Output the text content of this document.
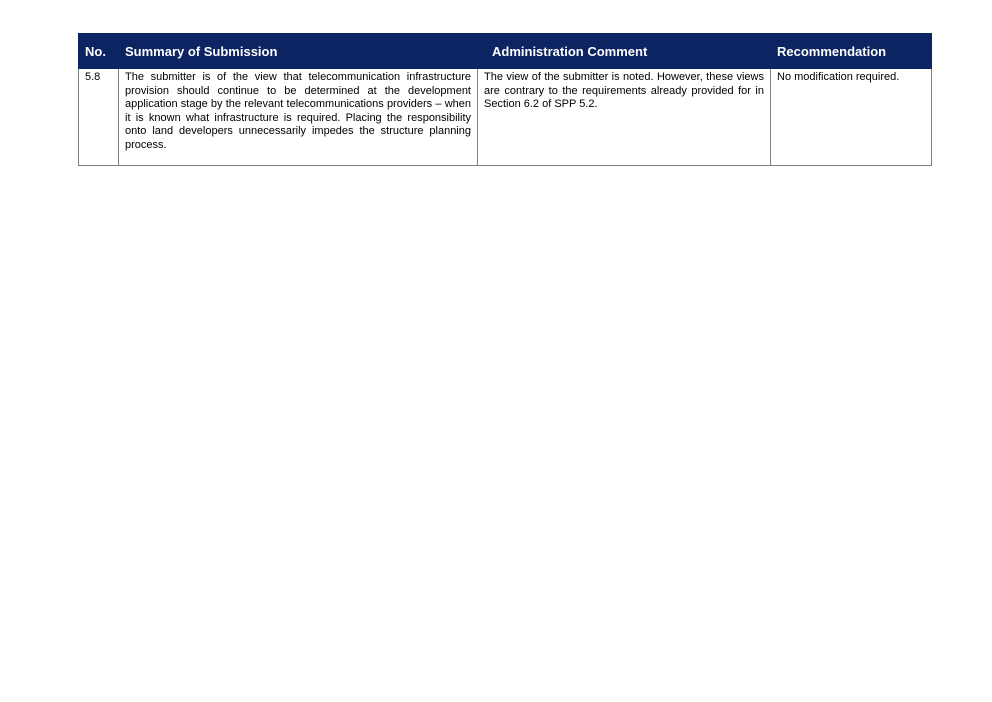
No.	Summary of Submission	Administration Comment	Recommendation
5.8	The submitter is of the view that telecommunication infrastructure provision should continue to be determined at the development application stage by the relevant telecommunications providers – when it is known what infrastructure is required. Placing the responsibility onto land developers unnecessarily impedes the structure planning process.	The view of the submitter is noted. However, these views are contrary to the requirements already provided for in Section 6.2 of SPP 5.2.	No modification required.
